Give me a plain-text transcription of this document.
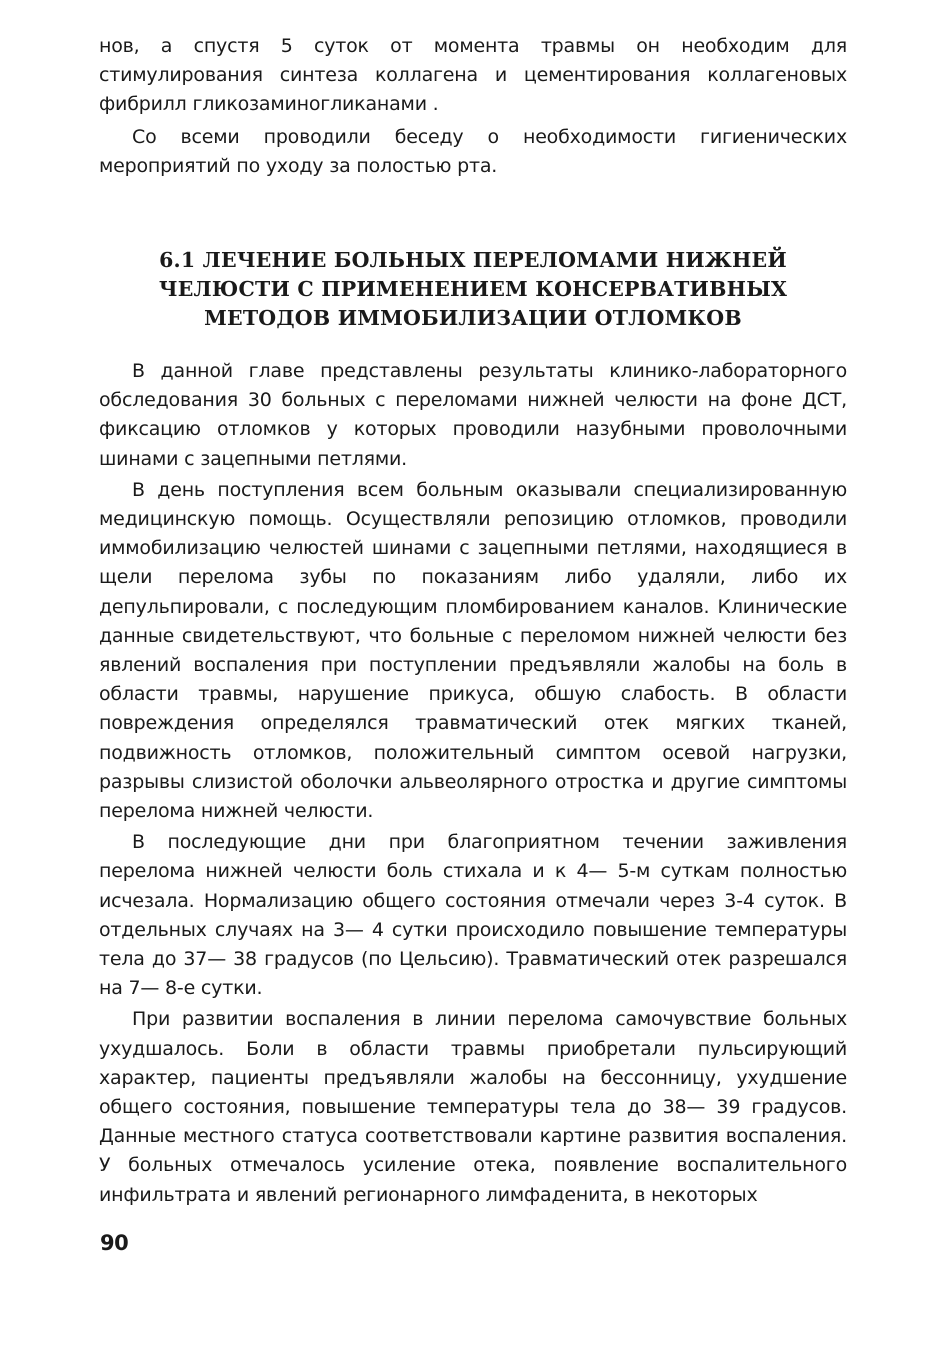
нов, а спустя 5 суток от момента травмы он необходим для стимулирования синтеза коллагена и цементирования коллагеновых фибрилл гликозаминогликанами .

Со всеми проводили беседу о необходимости гигиенических мероприятий по уходу за полостью рта.

6.1 ЛЕЧЕНИЕ БОЛЬНЫХ ПЕРЕЛОМАМИ НИЖНЕЙ
ЧЕЛЮСТИ С ПРИМЕНЕНИЕМ КОНСЕРВАТИВНЫХ
МЕТОДОВ ИММОБИЛИЗАЦИИ ОТЛОМКОВ

В данной главе представлены результаты клинико-лабораторного обследования 30 больных с переломами нижней челюсти на фоне ДСТ, фиксацию отломков у которых проводили назубными проволочными шинами с зацепными петлями.

В день поступления всем больным оказывали специализированную медицинскую помощь. Осуществляли репозицию отломков, проводили иммобилизацию челюстей шинами с зацепными петлями, находящиеся в щели перелома зубы по показаниям либо удаляли, либо их депульпировали, с последующим пломбированием каналов. Клинические данные свидетельствуют, что больные с переломом нижней челюсти без явлений воспаления при поступлении предъявляли жалобы на боль в области травмы, нарушение прикуса, обшую слабость. В области повреждения определялся травматический отек мягких тканей, подвижность отломков, положительный симптом осевой нагрузки, разрывы слизистой оболочки альвеолярного отростка и другие симптомы перелома нижней челюсти.

В последующие дни при благоприятном течении заживления перелома нижней челюсти боль стихала и к 4— 5-м суткам полностью исчезала. Нормализацию общего состояния отмечали через 3-4 суток. В отдельных случаях на 3— 4 сутки происходило повышение температуры тела до 37— 38 градусов (по Цельсию). Травматический отек разрешался на 7— 8-е сутки.

При развитии воспаления в линии перелома самочувствие больных ухудшалось. Боли в области травмы приобретали пульсирующий характер, пациенты предъявляли жалобы на бессонницу, ухудшение общего состояния, повышение температуры тела до 38— 39 градусов. Данные местного статуса соответствовали картине развития воспаления. У больных отмечалось усиление отека, появление воспалительного инфильтрата и явлений регионарного лимфаденита, в некоторых

90
